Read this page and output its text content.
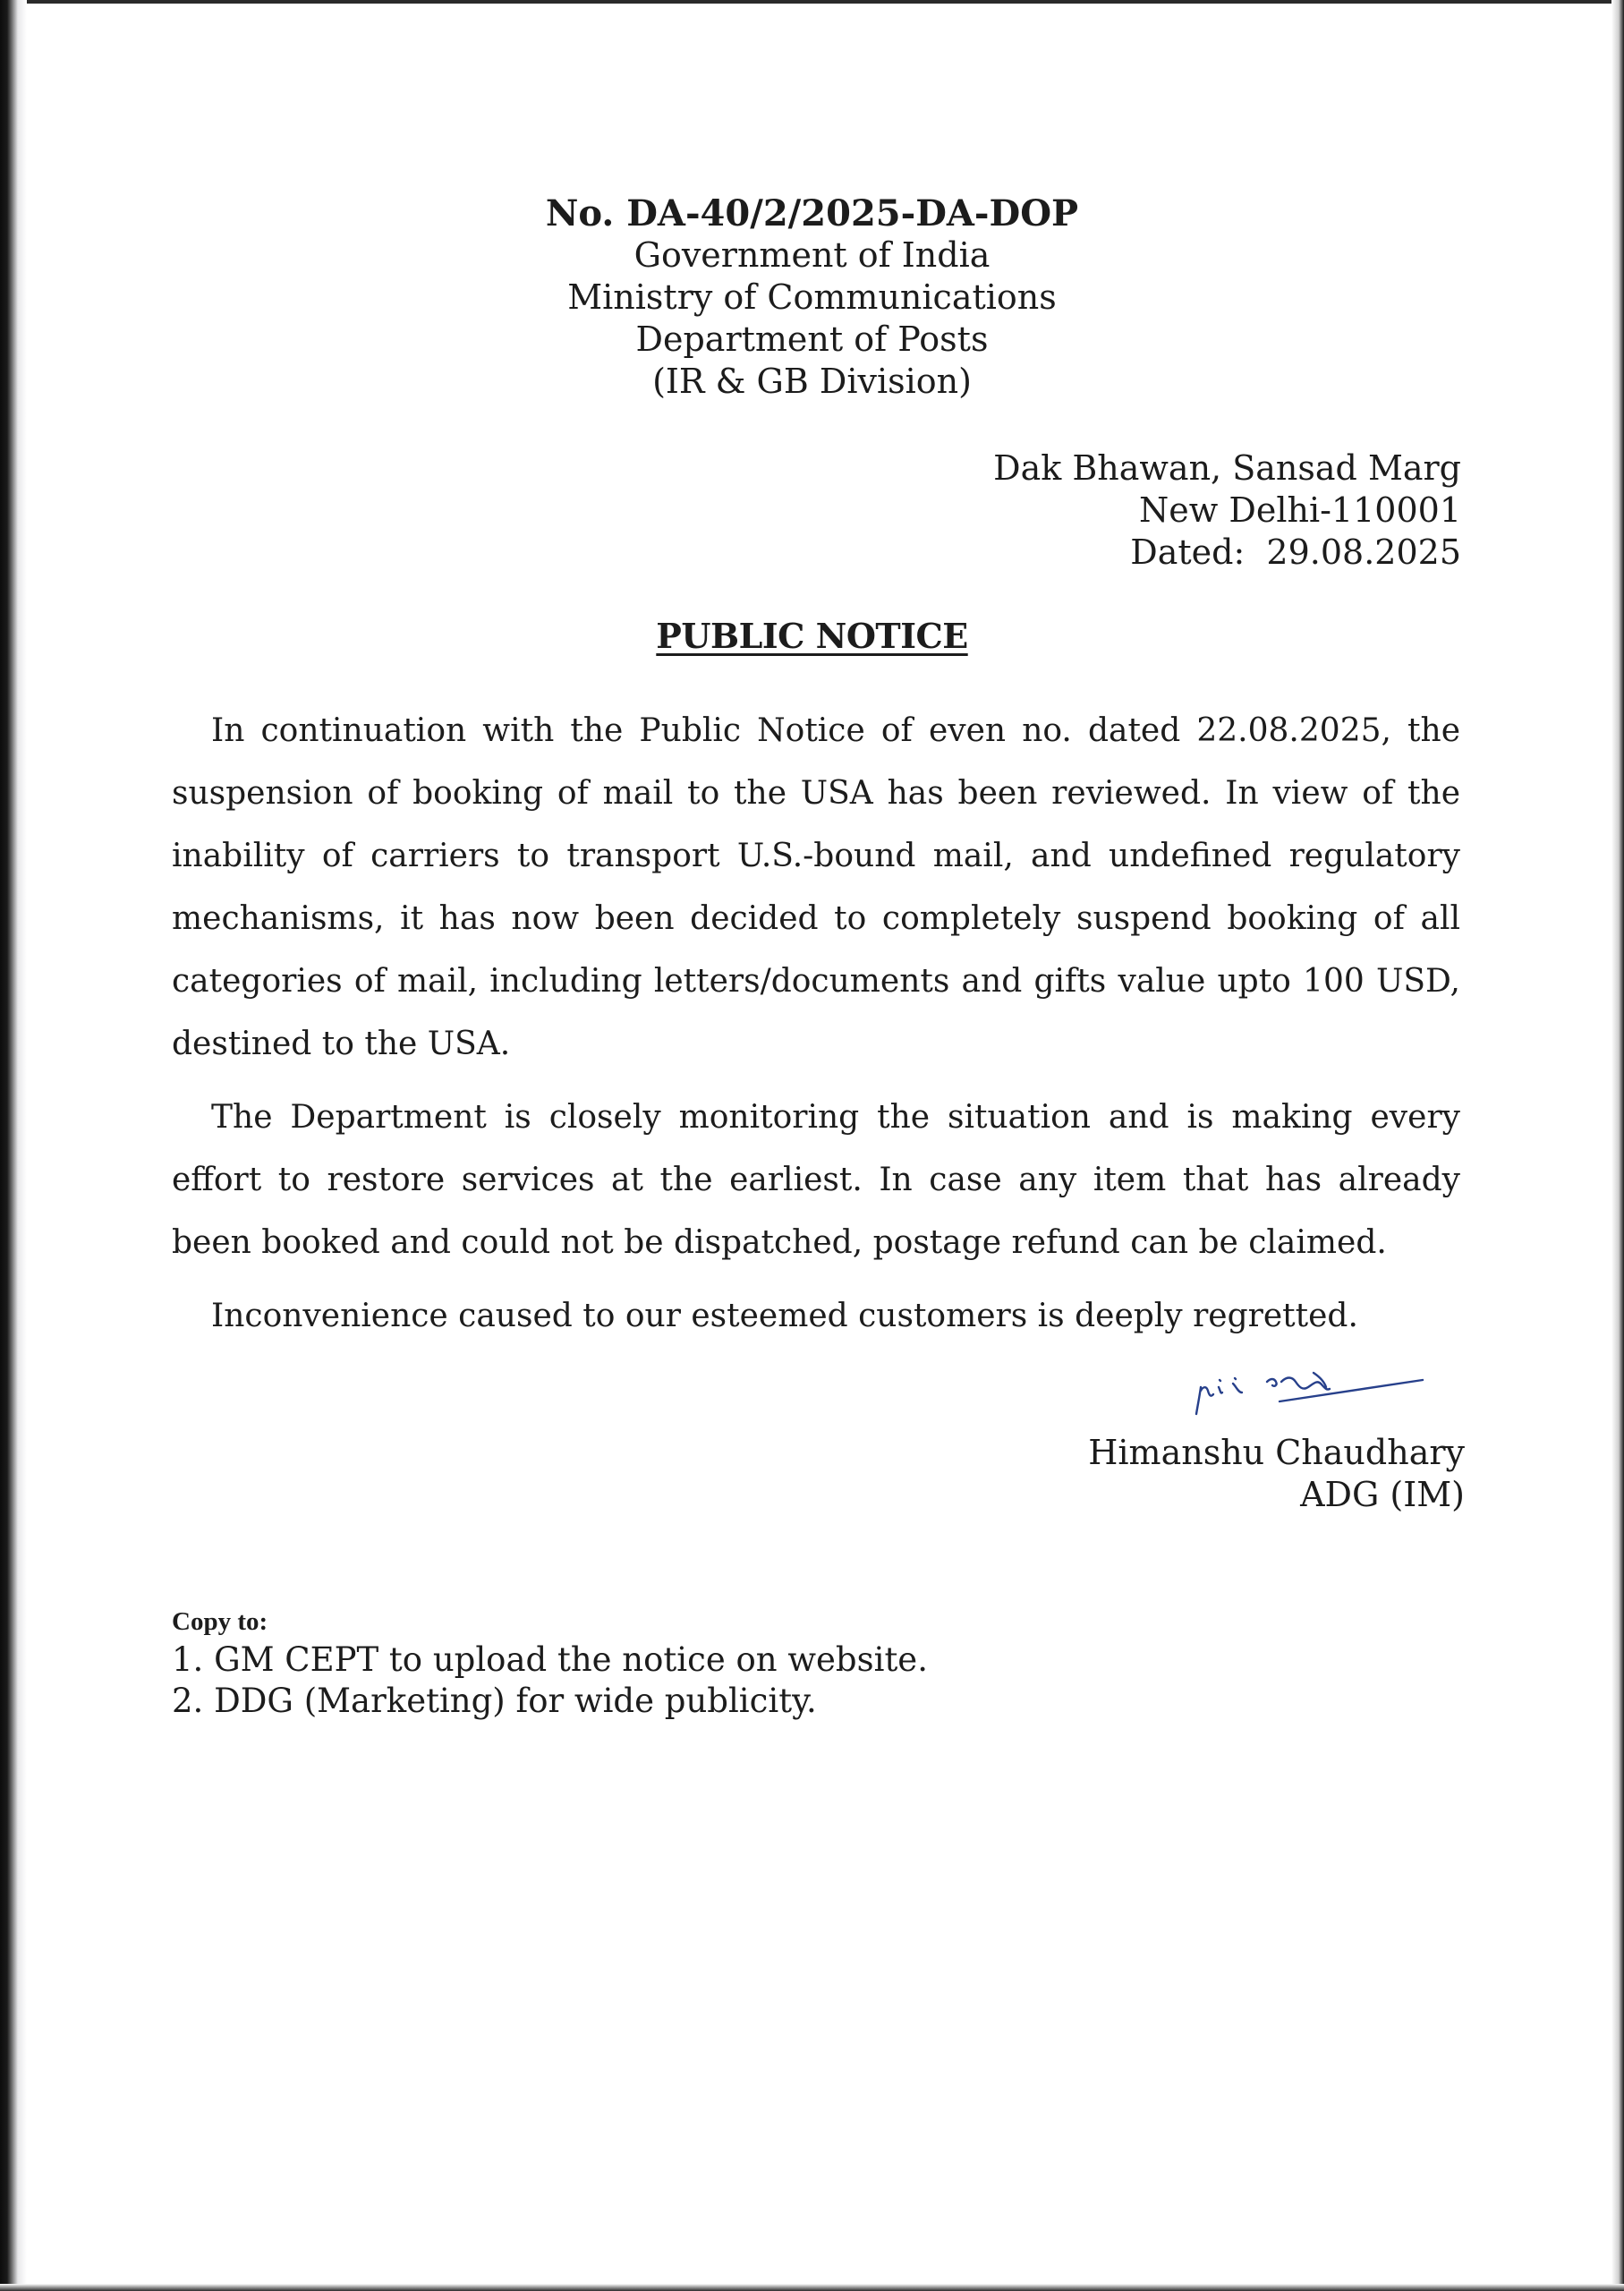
No. DA-40/2/2025-DA-DOP
Government of India
Ministry of Communications
Department of Posts
(IR & GB Division)
Dak Bhawan, Sansad Marg
New Delhi-110001
Dated:  29.08.2025
PUBLIC NOTICE

In continuation with the Public Notice of even no. dated 22.08.2025, the suspension of booking of mail to the USA has been reviewed. In view of the inability of carriers to transport U.S.-bound mail, and undefined regulatory mechanisms, it has now been decided to completely suspend booking of all categories of mail, including letters/documents and gifts value upto 100 USD, destined to the USA.

The Department is closely monitoring the situation and is making every effort to restore services at the earliest. In case any item that has already been booked and could not be dispatched, postage refund can be claimed.

Inconvenience caused to our esteemed customers is deeply regretted.

Himanshu Chaudhary
ADG (IM)
Copy to:
1. GM CEPT to upload the notice on website.
2. DDG (Marketing) for wide publicity.
